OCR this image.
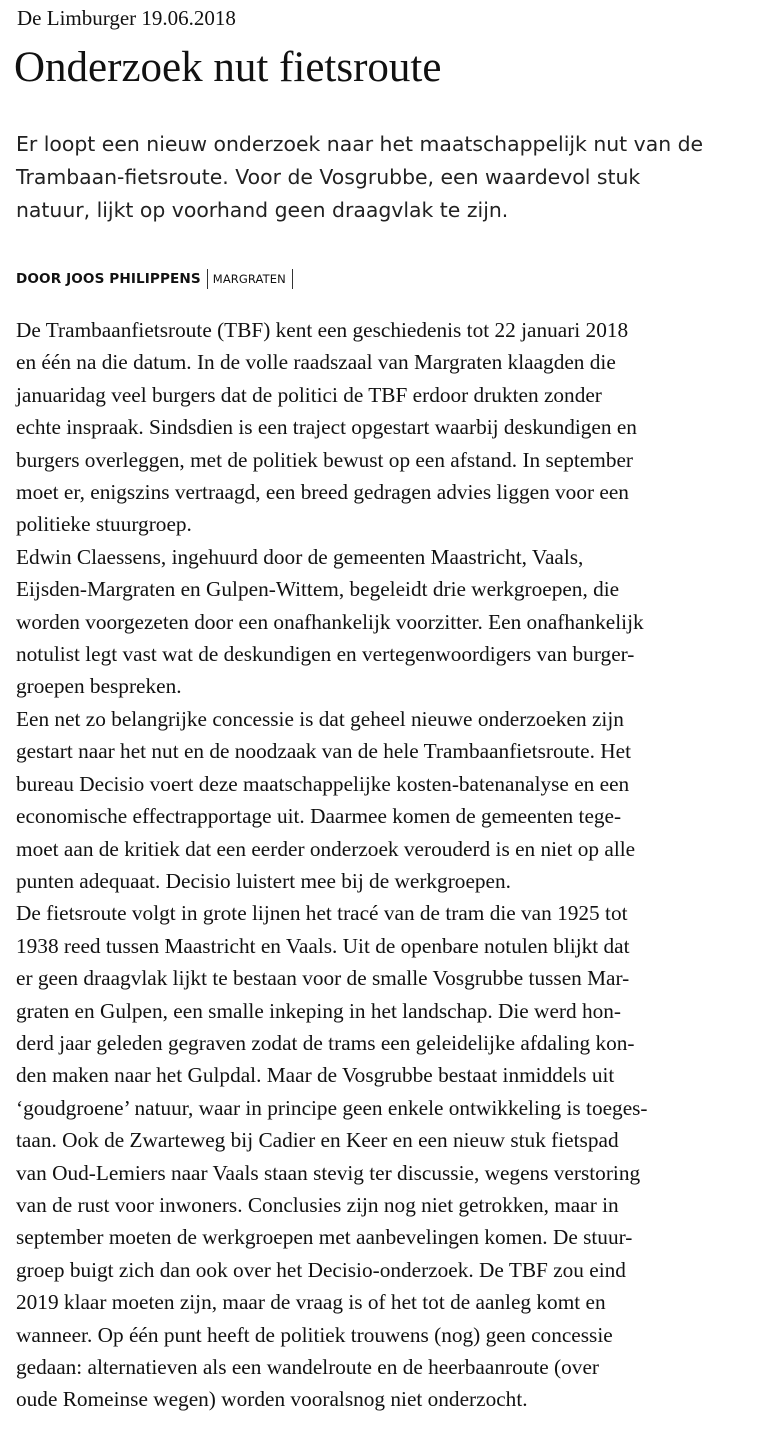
De Limburger 19.06.2018
Onderzoek nut fietsroute
Er loopt een nieuw onderzoek naar het maatschappelijk nut van de
Trambaan-fietsroute. Voor de Vosgrubbe, een waardevol stuk
natuur, lijkt op voorhand geen draagvlak te zijn.
DOOR JOOS PHILIPPENS MARGRATEN
De Trambaanfietsroute (TBF) kent een geschiedenis tot 22 januari 2018
en één na die datum. In de volle raadszaal van Margraten klaagden die
januaridag veel burgers dat de politici de TBF erdoor drukten zonder
echte inspraak. Sindsdien is een traject opgestart waarbij deskundigen en
burgers overleggen, met de politiek bewust op een afstand. In september
moet er, enigszins vertraagd, een breed gedragen advies liggen voor een
politieke stuurgroep.
Edwin Claessens, ingehuurd door de gemeenten Maastricht, Vaals,
Eijsden-Margraten en Gulpen-Wittem, begeleidt drie werkgroepen, die
worden voorgezeten door een onafhankelijk voorzitter. Een onafhankelijk
notulist legt vast wat de deskundigen en vertegenwoordigers van burger-
groepen bespreken.
Een net zo belangrijke concessie is dat geheel nieuwe onderzoeken zijn
gestart naar het nut en de noodzaak van de hele Trambaanfietsroute. Het
bureau Decisio voert deze maatschappelijke kosten-batenanalyse en een
economische effectrapportage uit. Daarmee komen de gemeenten tege-
moet aan de kritiek dat een eerder onderzoek verouderd is en niet op alle
punten adequaat. Decisio luistert mee bij de werkgroepen.
De fietsroute volgt in grote lijnen het tracé van de tram die van 1925 tot
1938 reed tussen Maastricht en Vaals. Uit de openbare notulen blijkt dat
er geen draagvlak lijkt te bestaan voor de smalle Vosgrubbe tussen Mar-
graten en Gulpen, een smalle inkeping in het landschap. Die werd hon-
derd jaar geleden gegraven zodat de trams een geleidelijke afdaling kon-
den maken naar het Gulpdal. Maar de Vosgrubbe bestaat inmiddels uit
‘goudgroene’ natuur, waar in principe geen enkele ontwikkeling is toeges-
taan. Ook de Zwarteweg bij Cadier en Keer en een nieuw stuk fietspad
van Oud-Lemiers naar Vaals staan stevig ter discussie, wegens verstoring
van de rust voor inwoners. Conclusies zijn nog niet getrokken, maar in
september moeten de werkgroepen met aanbevelingen komen. De stuur-
groep buigt zich dan ook over het Decisio-onderzoek. De TBF zou eind
2019 klaar moeten zijn, maar de vraag is of het tot de aanleg komt en
wanneer. Op één punt heeft de politiek trouwens (nog) geen concessie
gedaan: alternatieven als een wandelroute en de heerbaanroute (over
oude Romeinse wegen) worden vooralsnog niet onderzocht.
